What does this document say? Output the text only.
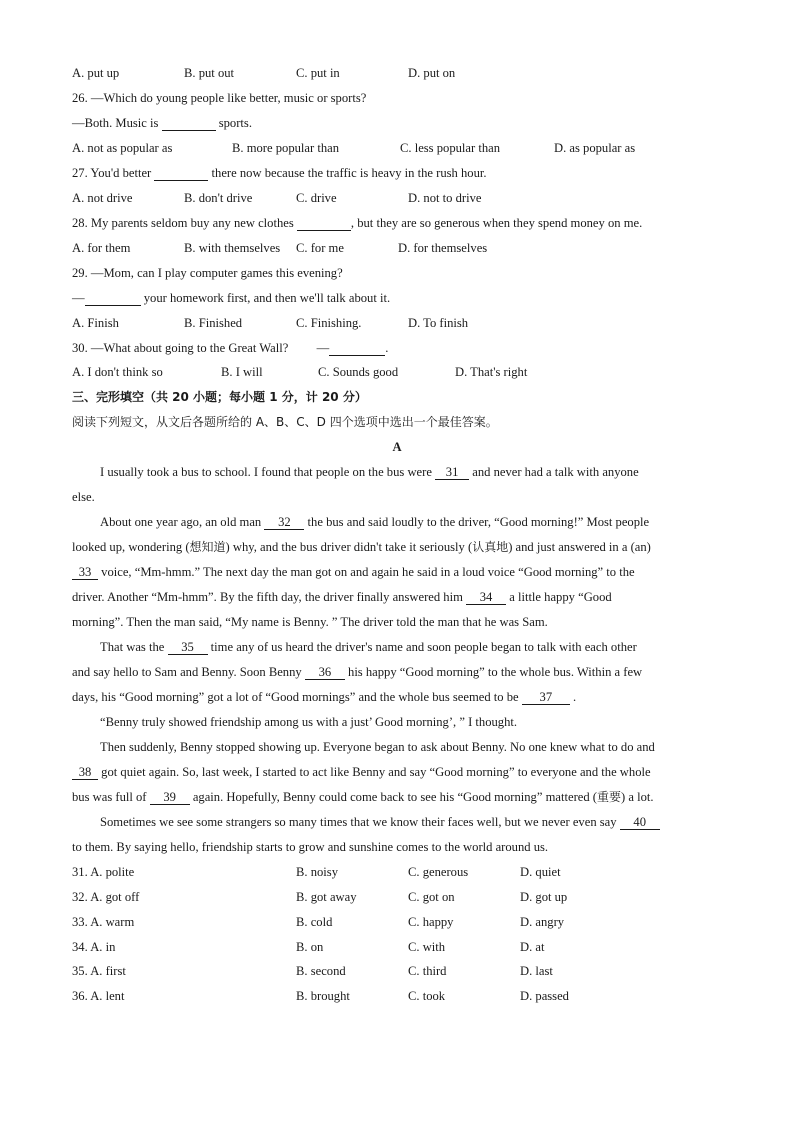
A. put up	B. put out	C. put in	D. put on
26. —Which do young people like better, music or sports?
—Both. Music is	sports.
A. not as popular as	B. more popular than	C. less popular than	D. as popular as
27. You'd better	there now because the traffic is heavy in the rush hour.
A. not drive	B. don't drive	C. drive	D. not to drive
28. My parents seldom buy any new clothes	, but they are so generous when they spend money on me.
A. for them	B. with themselves C. for me	D. for themselves
29. —Mom, can I play computer games this evening?
—	your homework first, and then we'll talk about it.
A. Finish	B. Finished	C. Finishing.	D. To finish
30. —What about going to the Great Wall? —	.
A. I don't think so	B. I will	C. Sounds good	D. That's right
三、完形填空（共 20 小题；每小题 1 分，计 20 分）
阅读下列短文，从文后各题所给的 A、B、C、D 四个选项中选出一个最佳答案。
A
I usually took a bus to school. I found that people on the bus were 31 and never had a talk with anyone
else.
About one year ago, an old man 32 the bus and said loudly to the driver, “Good morning!” Most people
looked up, wondering (想知道) why, and the bus driver didn't take it seriously (认真地) and just answered in a (an)
33 voice, “Mm-hmm.” The next day the man got on and again he said in a loud voice “Good morning” to the
driver. Another “Mm-hmm”. By the fifth day, the driver finally answered him 34 a little happy “Good
morning”. Then the man said, “My name is Benny. ” The driver told the man that he was Sam.
That was the 35 time any of us heard the driver's name and soon people began to talk with each other
and say hello to Sam and Benny. Soon Benny 36 his happy “Good morning” to the whole bus. Within a few
days, his “Good morning” got a lot of “Good mornings” and the whole bus seemed to be 37 .
“Benny truly showed friendship among us with a just’ Good morning’, ” I thought.
Then suddenly, Benny stopped showing up. Everyone began to ask about Benny. No one knew what to do and
38 got quiet again. So, last week, I started to act like Benny and say “Good morning” to everyone and the whole
bus was full of 39 again. Hopefully, Benny could come back to see his “Good morning” mattered (重要) a lot.
Sometimes we see some strangers so many times that we know their faces well, but we never even say 40
to them. By saying hello, friendship starts to grow and sunshine comes to the world around us.
31. A. polite	B. noisy	C. generous	D. quiet
32. A. got off	B. got away	C. got on	D. got up
33. A. warm	B. cold	C. happy	D. angry
34. A. in	B. on	C. with	D. at
35. A. first	B. second	C. third	D. last
36. A. lent	B. brought	C. took	D. passed
